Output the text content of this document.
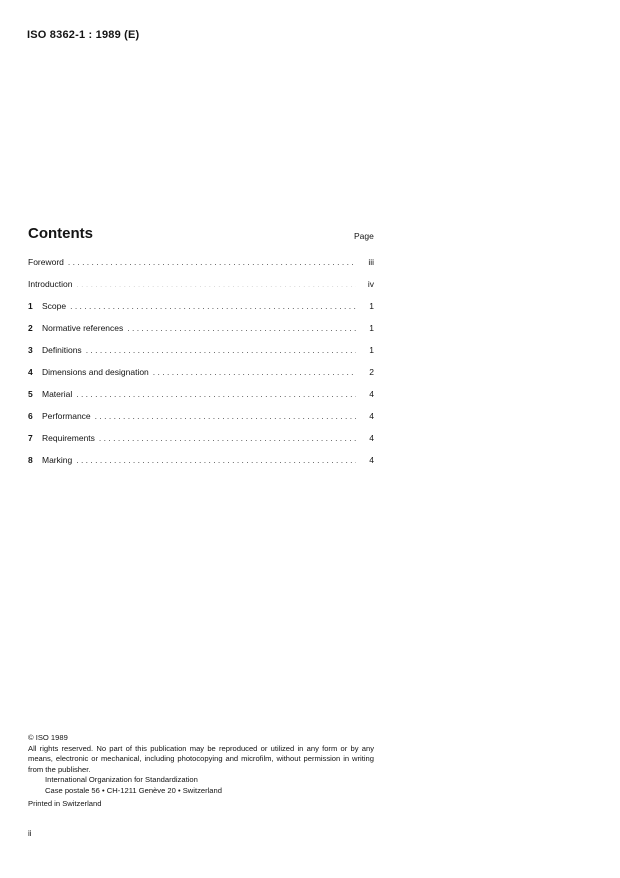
ISO 8362-1 : 1989 (E)
Contents	Page
Foreword . . .	iii
Introduction . . .	iv
1	Scope . . .	1
2	Normative references . . .	1
3	Definitions . . .	1
4	Dimensions and designation . . .	2
5	Material . . .	4
6	Performance . . .	4
7	Requirements . . .	4
8	Marking . . .	4
© ISO 1989
All rights reserved. No part of this publication may be reproduced or utilized in any form or by any means, electronic or mechanical, including photocopying and microfilm, without permission in writing from the publisher.
International Organization for Standardization
Case postale 56 • CH-1211 Genève 20 • Switzerland
Printed in Switzerland
ii
